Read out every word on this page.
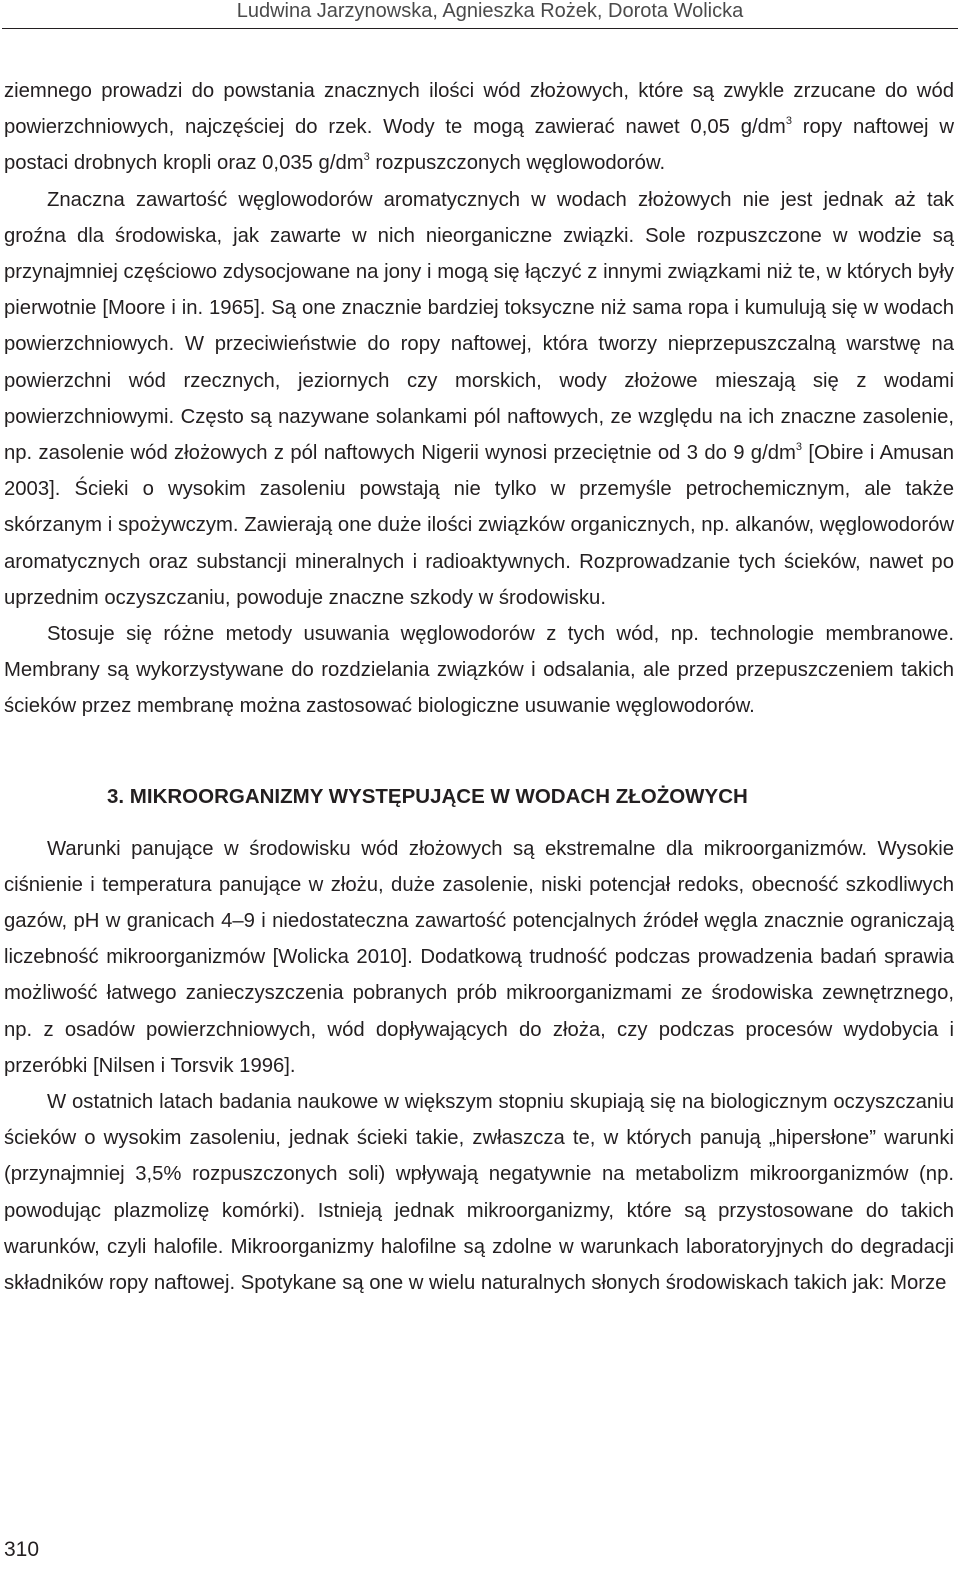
Ludwina Jarzynowska, Agnieszka Rożek, Dorota Wolicka

ziemnego prowadzi do powstania znacznych ilości wód złożowych, które są zwykle zrzucane do wód powierzchniowych, najczęściej do rzek. Wody te mogą zawierać nawet 0,05 $g/dm^3$ ropy naftowej w postaci drobnych kropli oraz 0,035 $g/dm^3$ rozpuszczonych węglowodorów.

Znaczna zawartość węglowodorów aromatycznych w wodach złożowych nie jest jednak aż tak groźna dla środowiska, jak zawarte w nich nieorganiczne związki. Sole rozpuszczone w wodzie są przynajmniej częściowo zdysocjowane na jony i mogą się łączyć z innymi związkami niż te, w których były pierwotnie [Moore i in. 1965]. Są one znacznie bardziej toksyczne niż sama ropa i kumulują się w wodach powierzchniowych. W przeciwieństwie do ropy naftowej, która tworzy nieprzepuszczalną warstwę na powierzchni wód rzecznych, jeziornych czy morskich, wody złożowe mieszają się z wodami powierzchniowymi. Często są nazywane solankami pól naftowych, ze względu na ich znaczne zasolenie, np. zasolenie wód złożowych z pól naftowych Nigerii wynosi przeciętnie od 3 do 9 $g/dm^3$ [Obire i Amusan 2003]. Ścieki o wysokim zasoleniu powstają nie tylko w przemyśle petrochemicznym, ale także skórzanym i spożywczym. Zawierają one duże ilości związków organicznych, np. alkanów, węglowodorów aromatycznych oraz substancji mineralnych i radioaktywnych. Rozprowadzanie tych ścieków, nawet po uprzednim oczyszczaniu, powoduje znaczne szkody w środowisku.

Stosuje się różne metody usuwania węglowodorów z tych wód, np. technologie membranowe. Membrany są wykorzystywane do rozdzielania związków i odsalania, ale przed przepuszczeniem takich ścieków przez membranę można zastosować biologiczne usuwanie węglowodorów.

3. MIKROORGANIZMY WYSTĘPUJĄCE W WODACH ZŁOŻOWYCH

Warunki panujące w środowisku wód złożowych są ekstremalne dla mikroorganizmów. Wysokie ciśnienie i temperatura panujące w złożu, duże zasolenie, niski potencjał redoks, obecność szkodliwych gazów, pH w granicach 4–9 i niedostateczna zawartość potencjalnych źródeł węgla znacznie ograniczają liczebność mikroorganizmów [Wolicka 2010]. Dodatkową trudność podczas prowadzenia badań sprawia możliwość łatwego zanieczyszczenia pobranych prób mikroorganizmami ze środowiska zewnętrznego, np. z osadów powierzchniowych, wód dopływających do złoża, czy podczas procesów wydobycia i przeróbki [Nilsen i Torsvik 1996].

W ostatnich latach badania naukowe w większym stopniu skupiają się na biologicznym oczyszczaniu ścieków o wysokim zasoleniu, jednak ścieki takie, zwłaszcza te, w których panują „hipersłone” warunki (przynajmniej 3,5% rozpuszczonych soli) wpływają negatywnie na metabolizm mikroorganizmów (np. powodując plazmolizę komórki). Istnieją jednak mikroorganizmy, które są przystosowane do takich warunków, czyli halofile. Mikroorganizmy halofilne są zdolne w warunkach laboratoryjnych do degradacji składników ropy naftowej. Spotykane są one w wielu naturalnych słonych środowiskach takich jak: Morze

310
